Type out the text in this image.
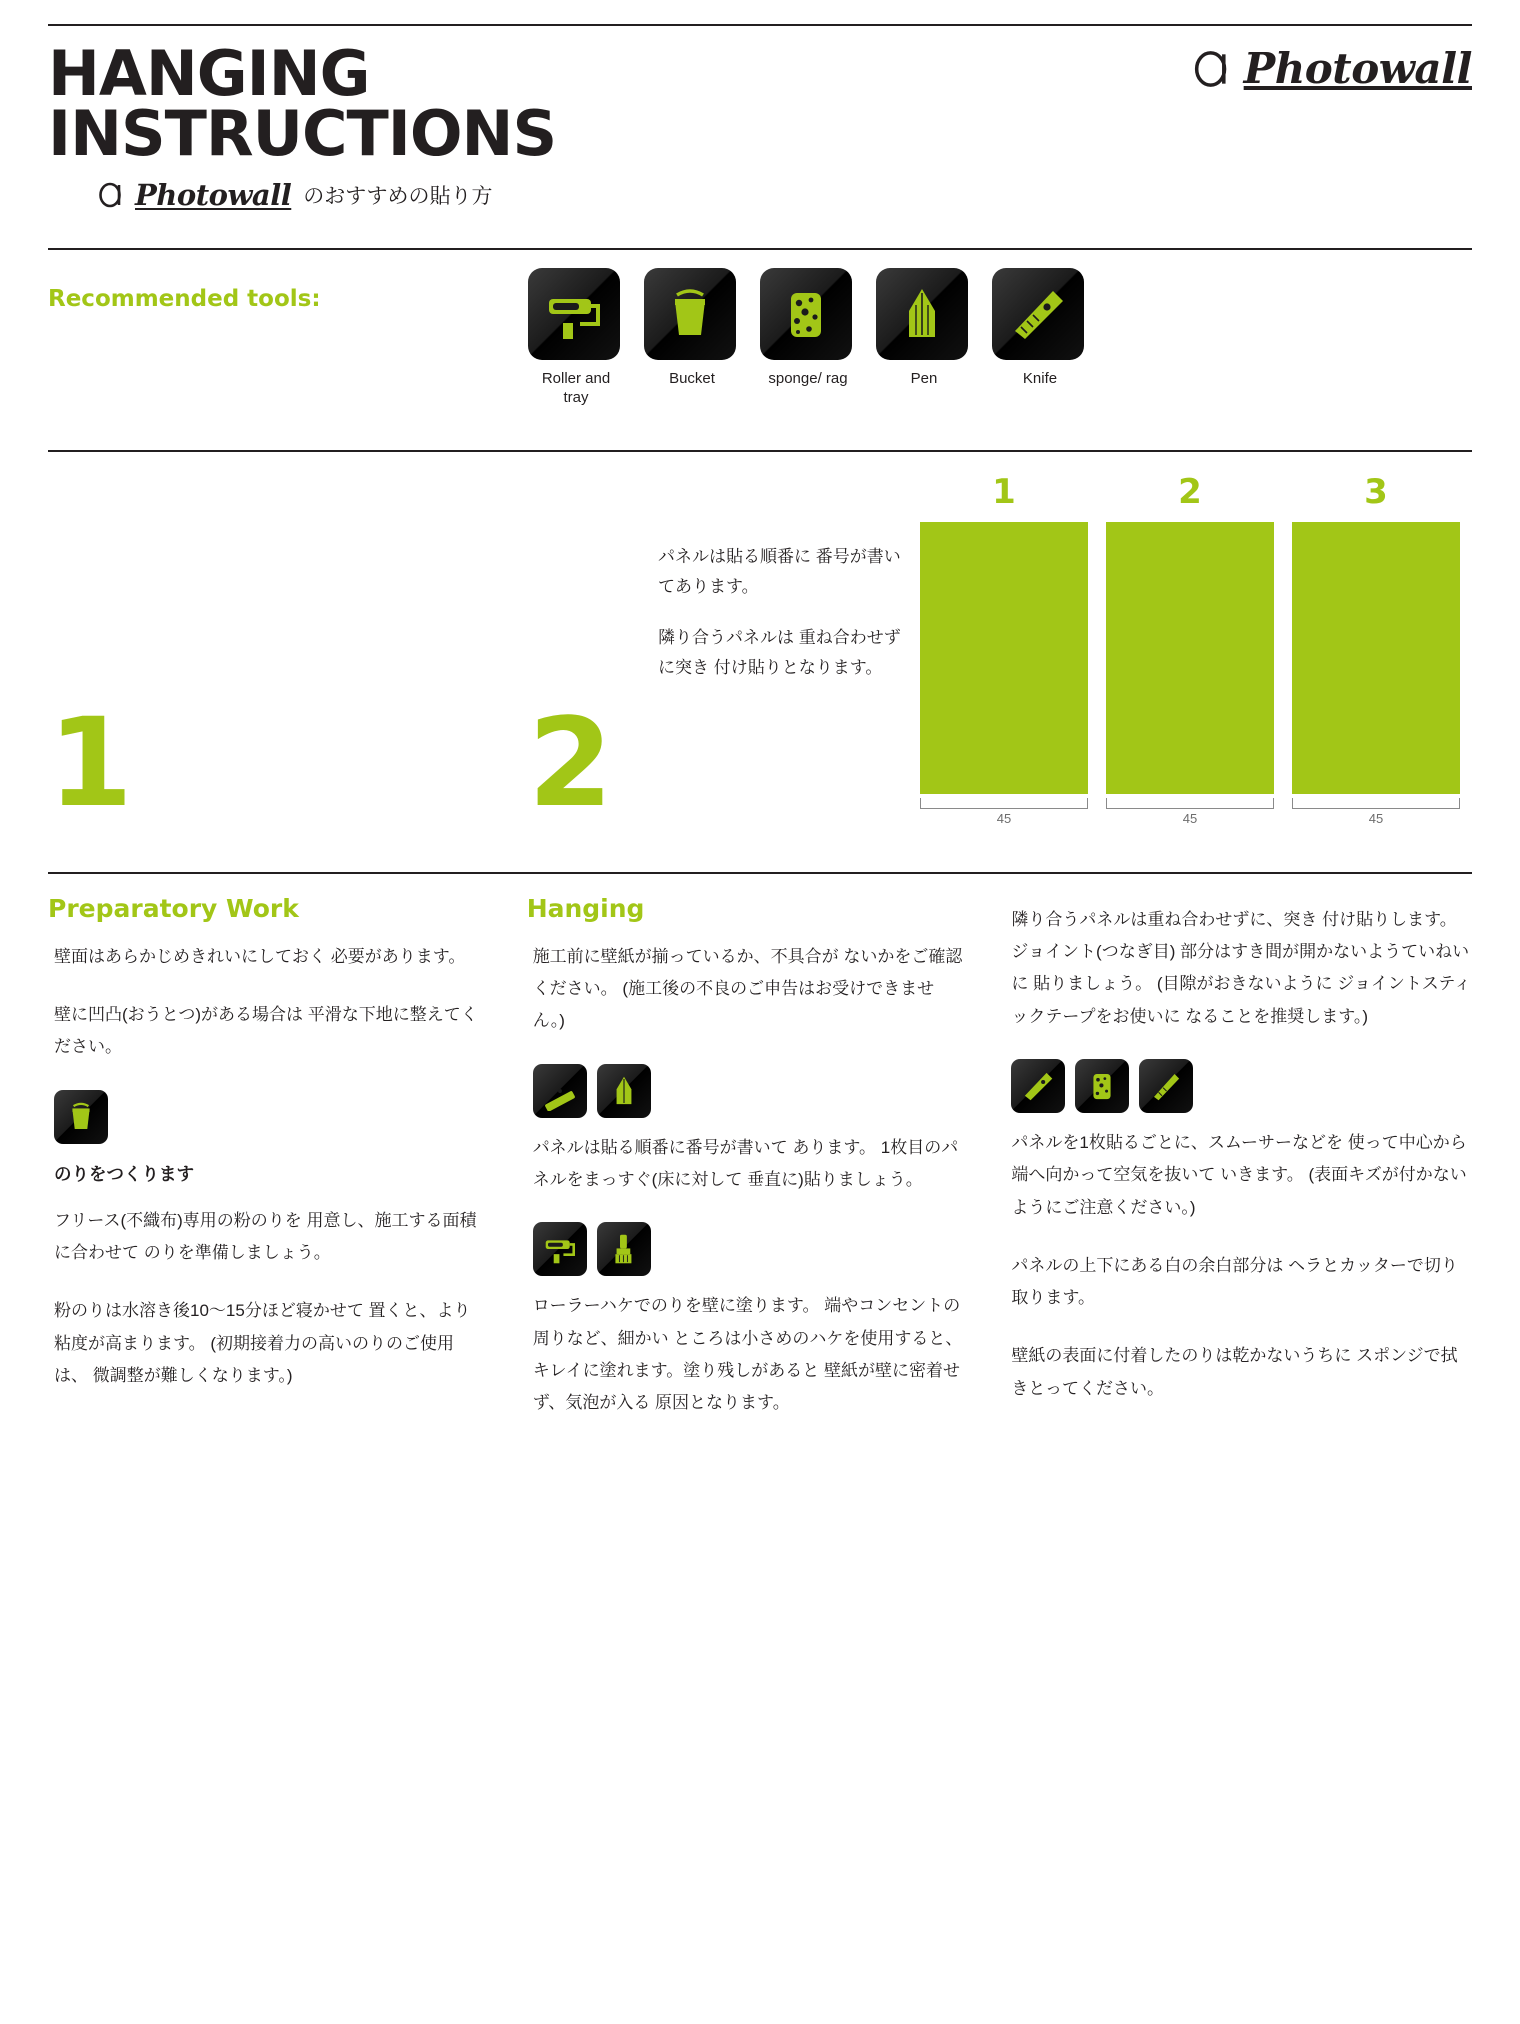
HANGING
INSTRUCTIONS
Photowall のおすすめの貼り方
Photowall
Recommended tools:
Roller and tray
Bucket	sponge/ rag	Pen	Knife
1	2

パネルは貼る順番に 番号が書いてあります。

隣り合うパネルは 重ね合わせずに突き 付け貼りとなります。

1	2	3
45	45	45
Preparatory Work

壁面はあらかじめきれいにしておく 必要があります。

壁に凹凸(おうとつ)がある場合は 平滑な下地に整えてください。

のりをつくります

フリース(不織布)専用の粉のりを 用意し、施工する面積に合わせて のりを準備しましょう。

粉のりは水溶き後10〜15分ほど寝かせて 置くと、より粘度が高まります。 (初期接着力の高いのりのご使用は、 微調整が難しくなります。)

Hanging

施工前に壁紙が揃っているか、不具合が ないかをご確認ください。 (施工後の不良のご申告はお受けできません。)

パネルは貼る順番に番号が書いて あります。 1枚目のパネルをまっすぐ(床に対して 垂直に)貼りましょう。

ローラーハケでのりを壁に塗ります。 端やコンセントの周りなど、細かい ところは小さめのハケを使用すると、 キレイに塗れます。塗り残しがあると 壁紙が壁に密着せず、気泡が入る 原因となります。

隣り合うパネルは重ね合わせずに、突き 付け貼りします。ジョイント(つなぎ目) 部分はすき間が開かないようていねいに 貼りましょう。 (目隙がおきないように ジョイントスティックテープをお使いに なることを推奨します。)

パネルを1枚貼るごとに、スムーサーなどを 使って中心から端へ向かって空気を抜いて いきます。 (表面キズが付かないようにご注意ください。)

パネルの上下にある白の余白部分は ヘラとカッターで切り取ります。

壁紙の表面に付着したのりは乾かないうちに スポンジで拭きとってください。
